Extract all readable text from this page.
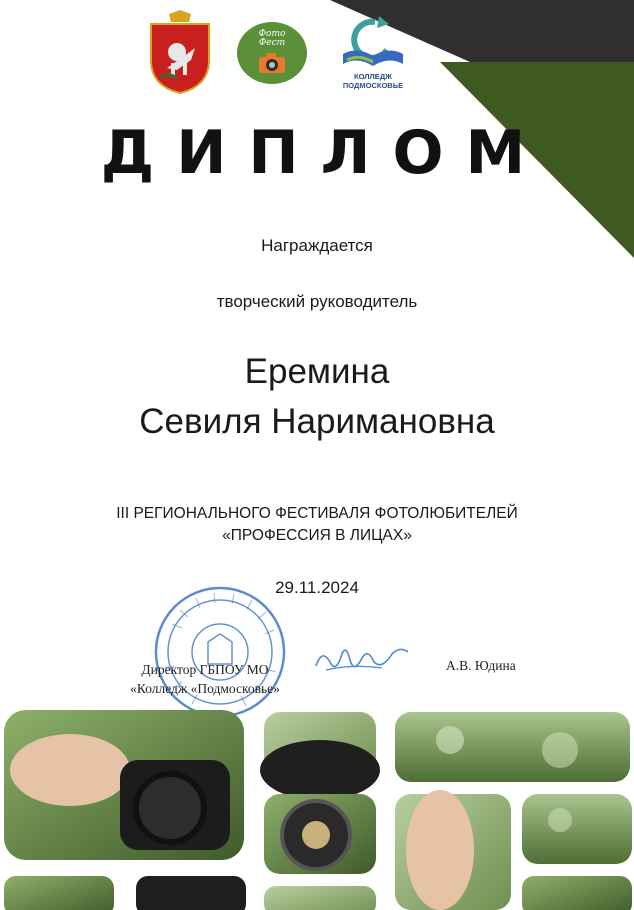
Фото
Фест
КОЛЛЕДЖ
ПОДМОСКОВЬЕ
ДИПЛОМ
Награждается
творческий руководитель
Еремина
Севиля Наримановна
III РЕГИОНАЛЬНОГО ФЕСТИВАЛЯ ФОТОЛЮБИТЕЛЕЙ
«ПРОФЕССИЯ В ЛИЦАХ»
29.11.2024
Директор ГБПОУ МО
«Колледж «Подмосковье»
А.В. Юдина
